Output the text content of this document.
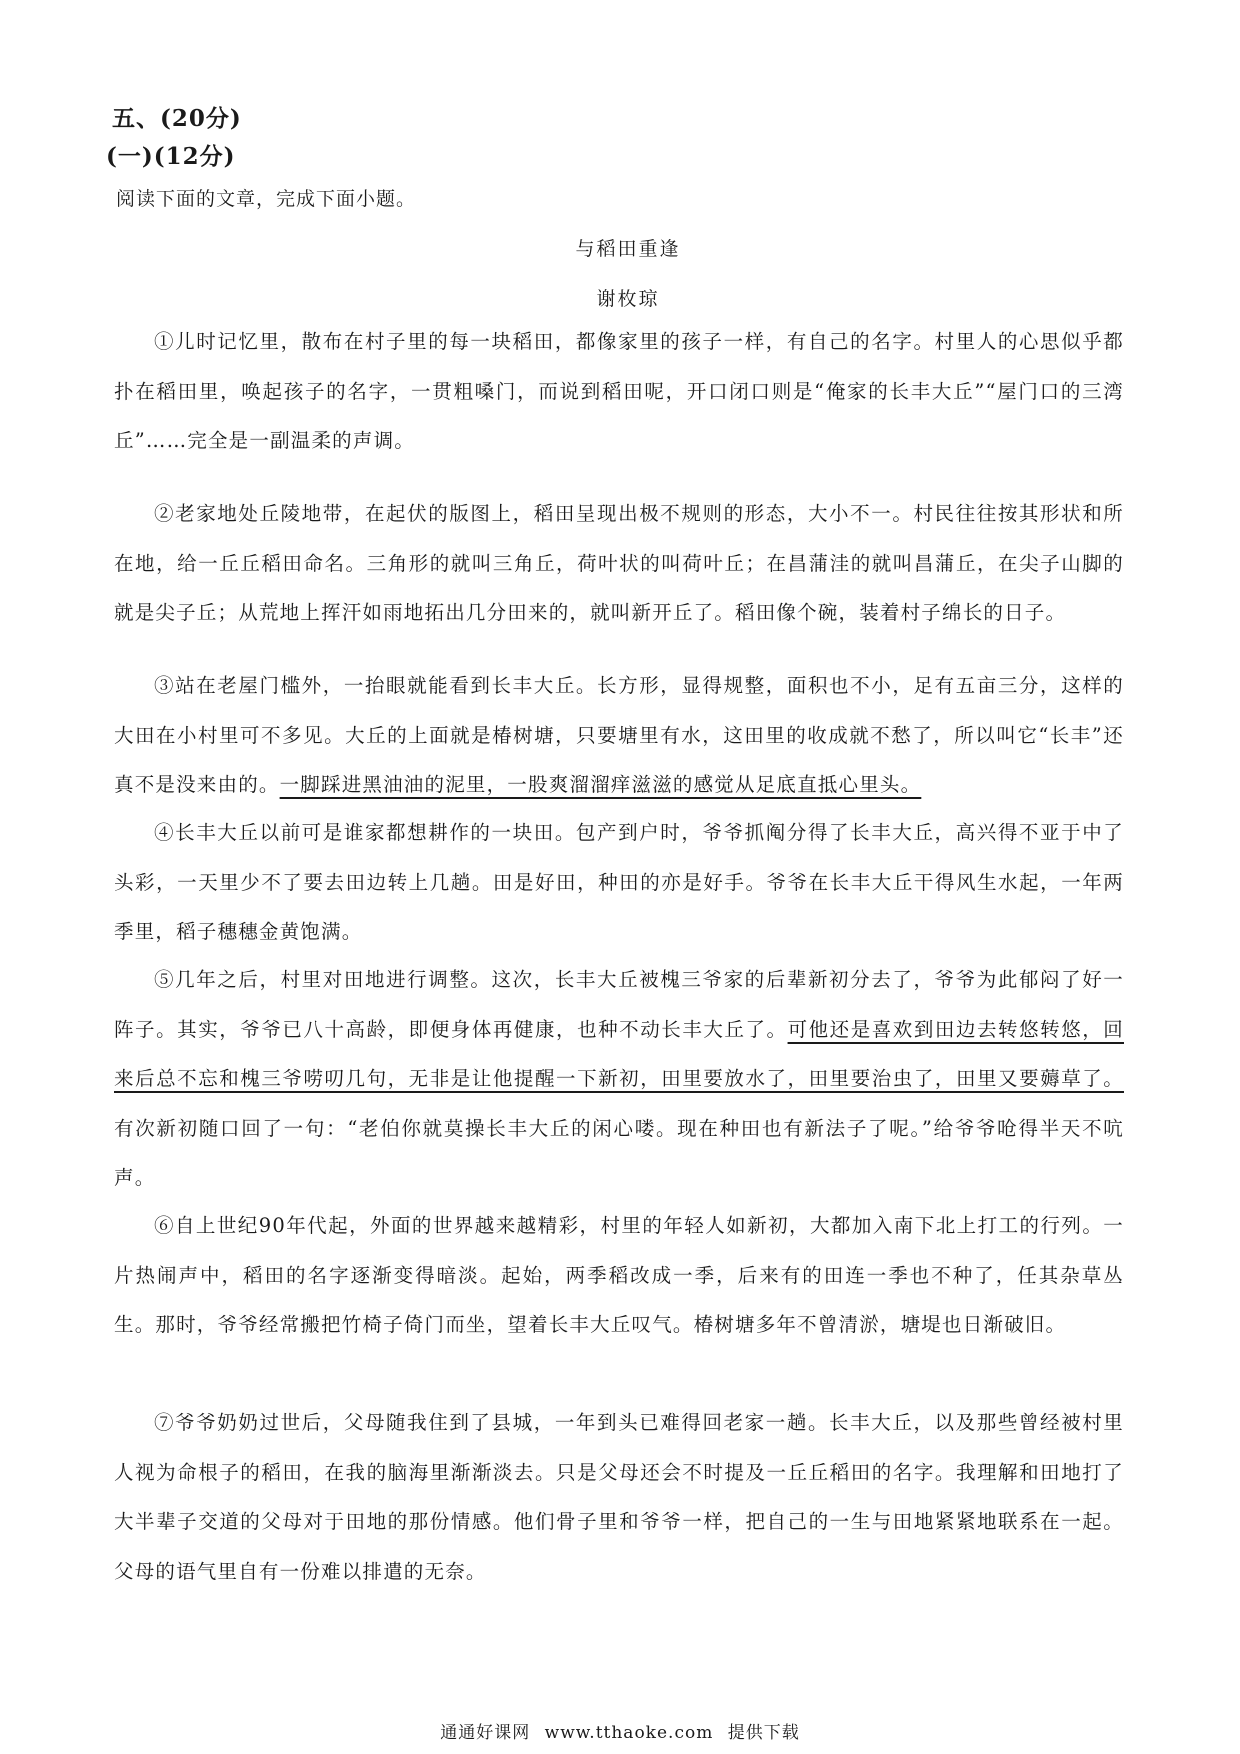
五、(20分)
(一)(12分)
阅读下面的文章，完成下面小题。
与稻田重逢
谢枚琼

①儿时记忆里，散布在村子里的每一块稻田，都像家里的孩子一样，有自己的名字。村里人的心思似乎都扑在稻田里，唤起孩子的名字，一贯粗嗓门，而说到稻田呢，开口闭口则是“俺家的长丰大丘”“屋门口的三湾丘”……完全是一副温柔的声调。

②老家地处丘陵地带，在起伏的版图上，稻田呈现出极不规则的形态，大小不一。村民往往按其形状和所在地，给一丘丘稻田命名。三角形的就叫三角丘，荷叶状的叫荷叶丘；在昌蒲洼的就叫昌蒲丘，在尖子山脚的就是尖子丘；从荒地上挥汗如雨地拓出几分田来的，就叫新开丘了。稻田像个碗，装着村子绵长的日子。

③站在老屋门槛外，一抬眼就能看到长丰大丘。长方形，显得规整，面积也不小，足有五亩三分，这样的大田在小村里可不多见。大丘的上面就是椿树塘，只要塘里有水，这田里的收成就不愁了，所以叫它“长丰”还真不是没来由的。一脚踩进黑油油的泥里，一股爽溜溜痒滋滋的感觉从足底直抵心里头。

④长丰大丘以前可是谁家都想耕作的一块田。包产到户时，爷爷抓阄分得了长丰大丘，高兴得不亚于中了头彩，一天里少不了要去田边转上几趟。田是好田，种田的亦是好手。爷爷在长丰大丘干得风生水起，一年两季里，稻子穗穗金黄饱满。

⑤几年之后，村里对田地进行调整。这次，长丰大丘被槐三爷家的后辈新初分去了，爷爷为此郁闷了好一阵子。其实，爷爷已八十高龄，即便身体再健康，也种不动长丰大丘了。可他还是喜欢到田边去转悠转悠，回来后总不忘和槐三爷唠叨几句，无非是让他提醒一下新初，田里要放水了，田里要治虫了，田里又要薅草了。有次新初随口回了一句：“老伯你就莫操长丰大丘的闲心喽。现在种田也有新法子了呢。”给爷爷呛得半天不吭声。

⑥自上世纪90年代起，外面的世界越来越精彩，村里的年轻人如新初，大都加入南下北上打工的行列。一片热闹声中，稻田的名字逐渐变得暗淡。起始，两季稻改成一季，后来有的田连一季也不种了，任其杂草丛生。那时，爷爷经常搬把竹椅子倚门而坐，望着长丰大丘叹气。椿树塘多年不曾清淤，塘堤也日渐破旧。

⑦爷爷奶奶过世后，父母随我住到了县城，一年到头已难得回老家一趟。长丰大丘，以及那些曾经被村里人视为命根子的稻田，在我的脑海里渐渐淡去。只是父母还会不时提及一丘丘稻田的名字。我理解和田地打了大半辈子交道的父母对于田地的那份情感。他们骨子里和爷爷一样，把自己的一生与田地紧紧地联系在一起。父母的语气里自有一份难以排遣的无奈。

通通好课网 www.tthaoke.com 提供下载
